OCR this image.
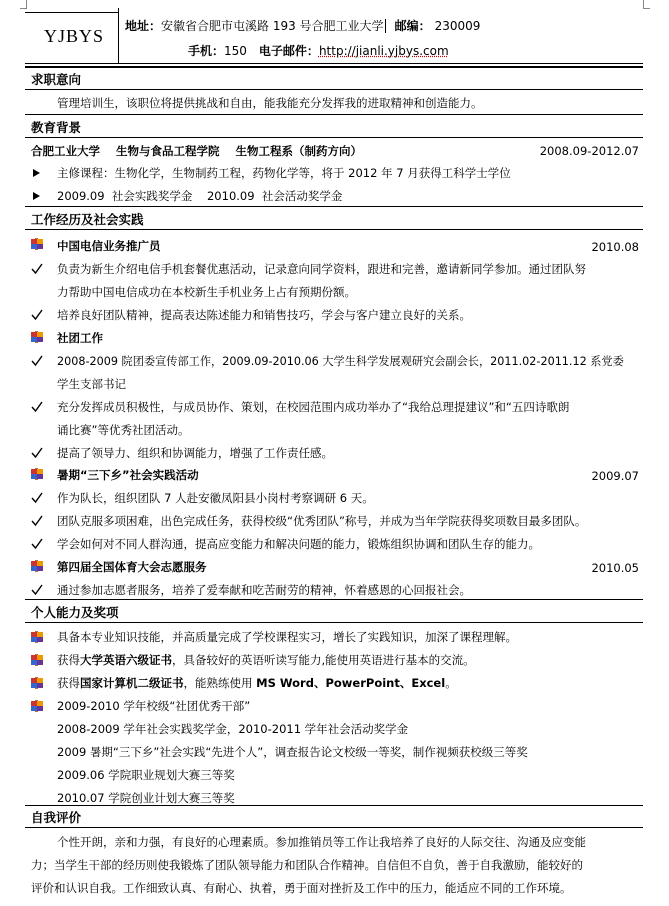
YJBYS 地址：安徽省合肥市屯溪路 193 号合肥工业大学 邮编： 230009
手机：150 电子邮件：http://jianli.yjbys.com
求职意向
管理培训生，该职位将提供挑战和自由，能我能充分发挥我的进取精神和创造能力。
教育背景
合肥工业大学    生物与食品工程学院    生物工程系（制药方向）	2008.09-2012.07
主修课程：生物化学，生物制药工程，药物化学等，将于 2012 年 7 月获得工科学士学位
2009.09  社会实践奖学金    2010.09  社会活动奖学金
工作经历及社会实践
中国电信业务推广员	2010.08
负责为新生介绍电信手机套餐优惠活动，记录意向同学资料，跟进和完善，邀请新同学参加。通过团队努
力帮助中国电信成功在本校新生手机业务上占有预期份额。
培养良好团队精神，提高表达陈述能力和销售技巧，学会与客户建立良好的关系。
社团工作
2008-2009 院团委宣传部工作，2009.09-2010.06 大学生科学发展观研究会副会长，2011.02-2011.12 系党委
学生支部书记
充分发挥成员积极性，与成员协作、策划，在校园范围内成功举办了“我给总理提建议”和“五四诗歌朗
诵比赛”等优秀社团活动。
提高了领导力、组织和协调能力，增强了工作责任感。
暑期“三下乡”社会实践活动	2009.07
作为队长，组织团队 7 人赴安徽凤阳县小岗村考察调研 6 天。
团队克服多项困难，出色完成任务，获得校级“优秀团队”称号，并成为当年学院获得奖项数目最多团队。
学会如何对不同人群沟通，提高应变能力和解决问题的能力，锻炼组织协调和团队生存的能力。
第四届全国体育大会志愿服务	2010.05
通过参加志愿者服务，培养了爱奉献和吃苦耐劳的精神，怀着感恩的心回报社会。
个人能力及奖项
具备本专业知识技能，并高质量完成了学校课程实习，增长了实践知识，加深了课程理解。
获得大学英语六级证书，具备较好的英语听读写能力,能使用英语进行基本的交流。
获得国家计算机二级证书，能熟练使用 MS Word、PowerPoint、Excel。
2009-2010 学年校级“社团优秀干部”
2008-2009 学年社会实践奖学金，2010-2011 学年社会活动奖学金
2009 暑期“三下乡”社会实践“先进个人”，调查报告论文校级一等奖，制作视频获校级三等奖
2009.06 学院职业规划大赛三等奖
2010.07 学院创业计划大赛三等奖
自我评价
个性开朗，亲和力强，有良好的心理素质。参加推销员等工作让我培养了良好的人际交往、沟通及应变能
力；当学生干部的经历则使我锻炼了团队领导能力和团队合作精神。自信但不自负，善于自我激励，能较好的
评价和认识自我。工作细致认真、有耐心、执着，勇于面对挫折及工作中的压力，能适应不同的工作环境。
